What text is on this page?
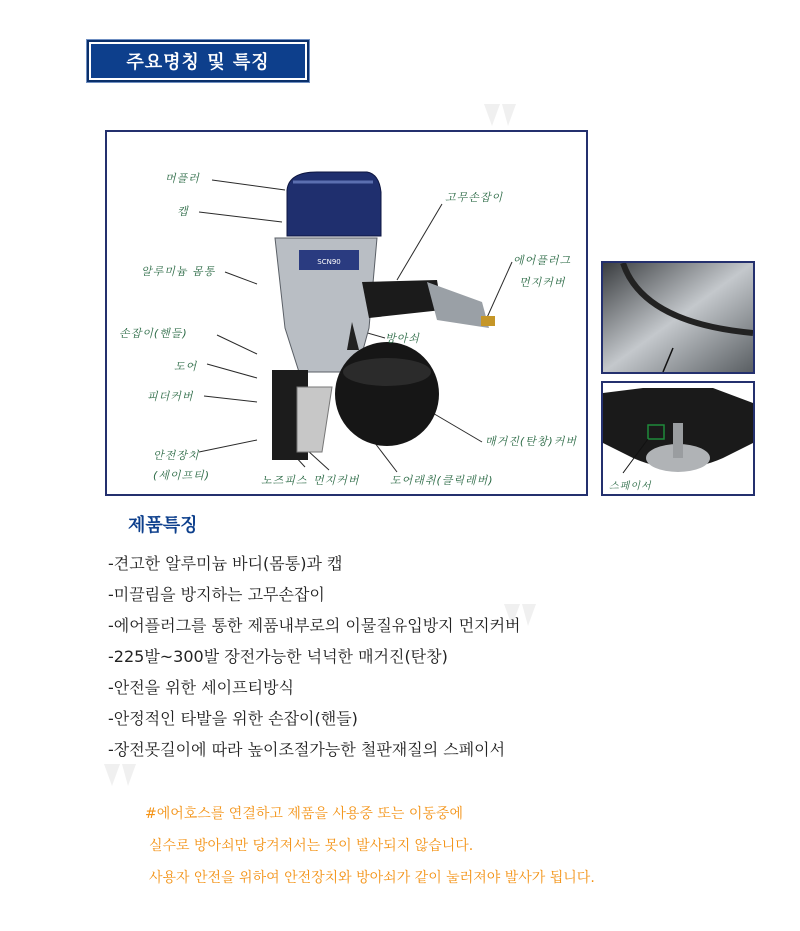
주요명칭 및 특징
SCN90
머플러
캡
알루미늄 몸통
손잡이(핸들)
도어
피더커버
안전장치
(세이프티)	노즈피스 먼지커버	도어래취(클릭레버)
매거진(탄창)커버
방아쇠
고무손잡이
에어플러그
먼지커버
스페이서
제품특징
-견고한 알루미늄 바디(몸통)과 캡
-미끌림을 방지하는 고무손잡이
-에어플러그를 통한 제품내부로의 이물질유입방지 먼지커버
-225발~300발 장전가능한 넉넉한 매거진(탄창)
-안전을 위한 세이프티방식
-안정적인 타발을 위한 손잡이(핸들)
-장전못길이에 따라 높이조절가능한 철판재질의 스페이서
#에어호스를 연결하고 제품을 사용중 또는 이동중에
실수로 방아쇠만 당겨져서는 못이 발사되지 않습니다.
사용자 안전을 위하여 안전장치와 방아쇠가 같이 눌러져야 발사가 됩니다.
